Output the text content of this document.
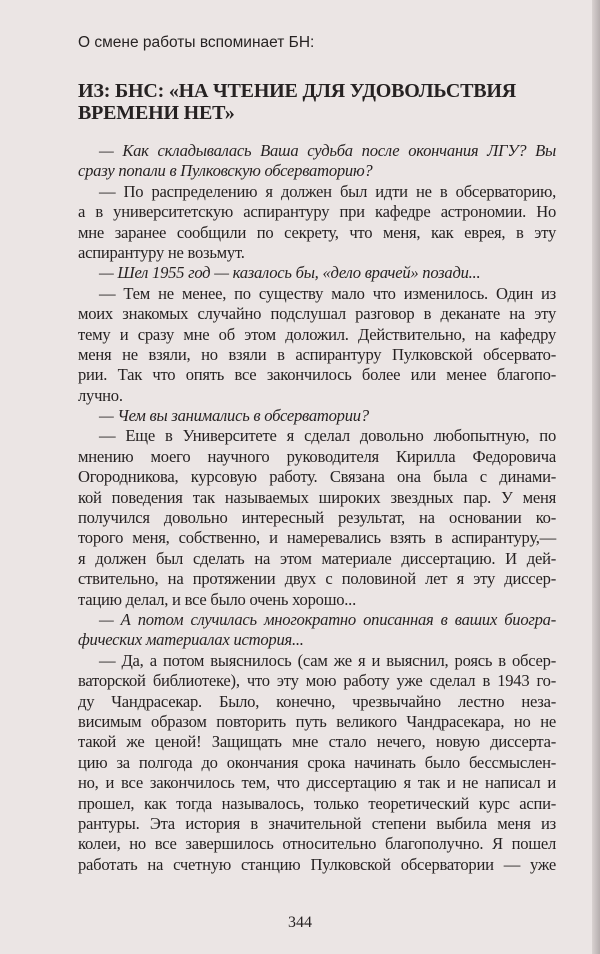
О смене работы вспоминает БН:
ИЗ: БНС: «НА ЧТЕНИЕ ДЛЯ УДОВОЛЬСТВИЯ
ВРЕМЕНИ НЕТ»
— Как складывалась Ваша судьба после окончания ЛГУ? Вы
сразу попали в Пулковскую обсерваторию?
— По распределению я должен был идти не в обсерваторию,
а в университетскую аспирантуру при кафедре астрономии. Но
мне заранее сообщили по секрету, что меня, как еврея, в эту
аспирантуру не возьмут.
— Шел 1955 год — казалось бы, «дело врачей» позади...
— Тем не менее, по существу мало что изменилось. Один из
моих знакомых случайно подслушал разговор в деканате на эту
тему и сразу мне об этом доложил. Действительно, на кафедру
меня не взяли, но взяли в аспирантуру Пулковской обсервато-
рии. Так что опять все закончилось более или менее благопо-
лучно.
— Чем вы занимались в обсерватории?
— Еще в Университете я сделал довольно любопытную, по
мнению моего научного руководителя Кирилла Федоровича
Огородникова, курсовую работу. Связана она была с динами-
кой поведения так называемых широких звездных пар. У меня
получился довольно интересный результат, на основании ко-
торого меня, собственно, и намеревались взять в аспирантуру,—
я должен был сделать на этом материале диссертацию. И дей-
ствительно, на протяжении двух с половиной лет я эту диссер-
тацию делал, и все было очень хорошо...
— А потом случилась многократно описанная в ваших биогра-
фических материалах история...
— Да, а потом выяснилось (сам же я и выяснил, роясь в обсер-
ваторской библиотеке), что эту мою работу уже сделал в 1943 го-
ду Чандрасекар. Было, конечно, чрезвычайно лестно неза-
висимым образом повторить путь великого Чандрасекара, но не
такой же ценой! Защищать мне стало нечего, новую диссерта-
цию за полгода до окончания срока начинать было бессмыслен-
но, и все закончилось тем, что диссертацию я так и не написал и
прошел, как тогда называлось, только теоретический курс аспи-
рантуры. Эта история в значительной степени выбила меня из
колеи, но все завершилось относительно благополучно. Я пошел
работать на счетную станцию Пулковской обсерватории — уже
344
